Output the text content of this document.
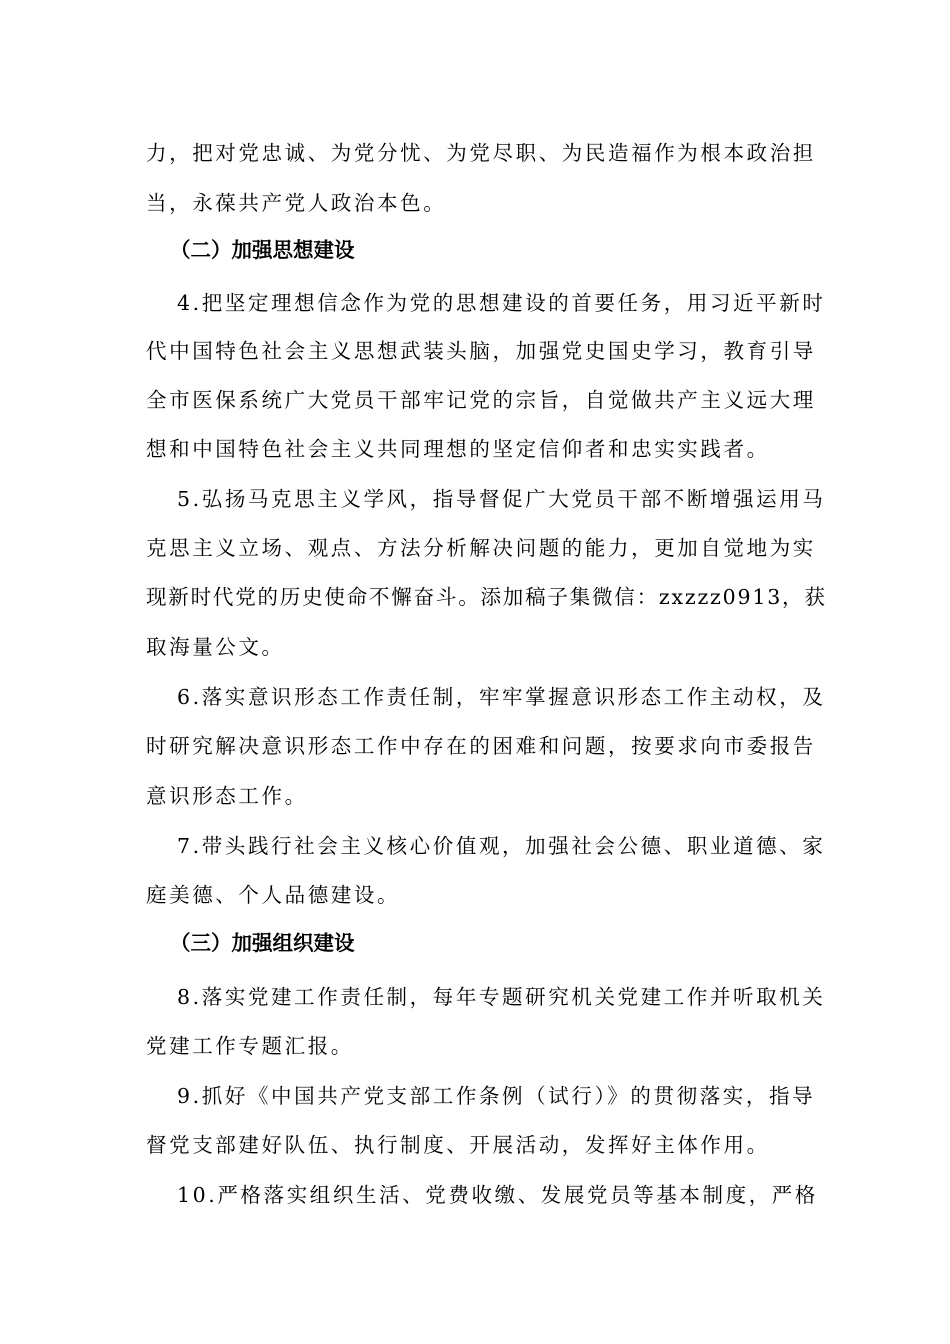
力，把对党忠诚、为党分忧、为党尽职、为民造福作为根本政治担
当，永葆共产党人政治本色。
（二）加强思想建设
4.把坚定理想信念作为党的思想建设的首要任务，用习近平新时
代中国特色社会主义思想武装头脑，加强党史国史学习，教育引导
全市医保系统广大党员干部牢记党的宗旨，自觉做共产主义远大理
想和中国特色社会主义共同理想的坚定信仰者和忠实实践者。
5.弘扬马克思主义学风，指导督促广大党员干部不断增强运用马
克思主义立场、观点、方法分析解决问题的能力，更加自觉地为实
现新时代党的历史使命不懈奋斗。添加稿子集微信：zxzzz0913，获
取海量公文。
6.落实意识形态工作责任制，牢牢掌握意识形态工作主动权，及
时研究解决意识形态工作中存在的困难和问题，按要求向市委报告
意识形态工作。
7.带头践行社会主义核心价值观，加强社会公德、职业道德、家
庭美德、个人品德建设。
（三）加强组织建设
8.落实党建工作责任制，每年专题研究机关党建工作并听取机关
党建工作专题汇报。
9.抓好《中国共产党支部工作条例（试行）》的贯彻落实，指导
督党支部建好队伍、执行制度、开展活动，发挥好主体作用。
10.严格落实组织生活、党费收缴、发展党员等基本制度，严格
